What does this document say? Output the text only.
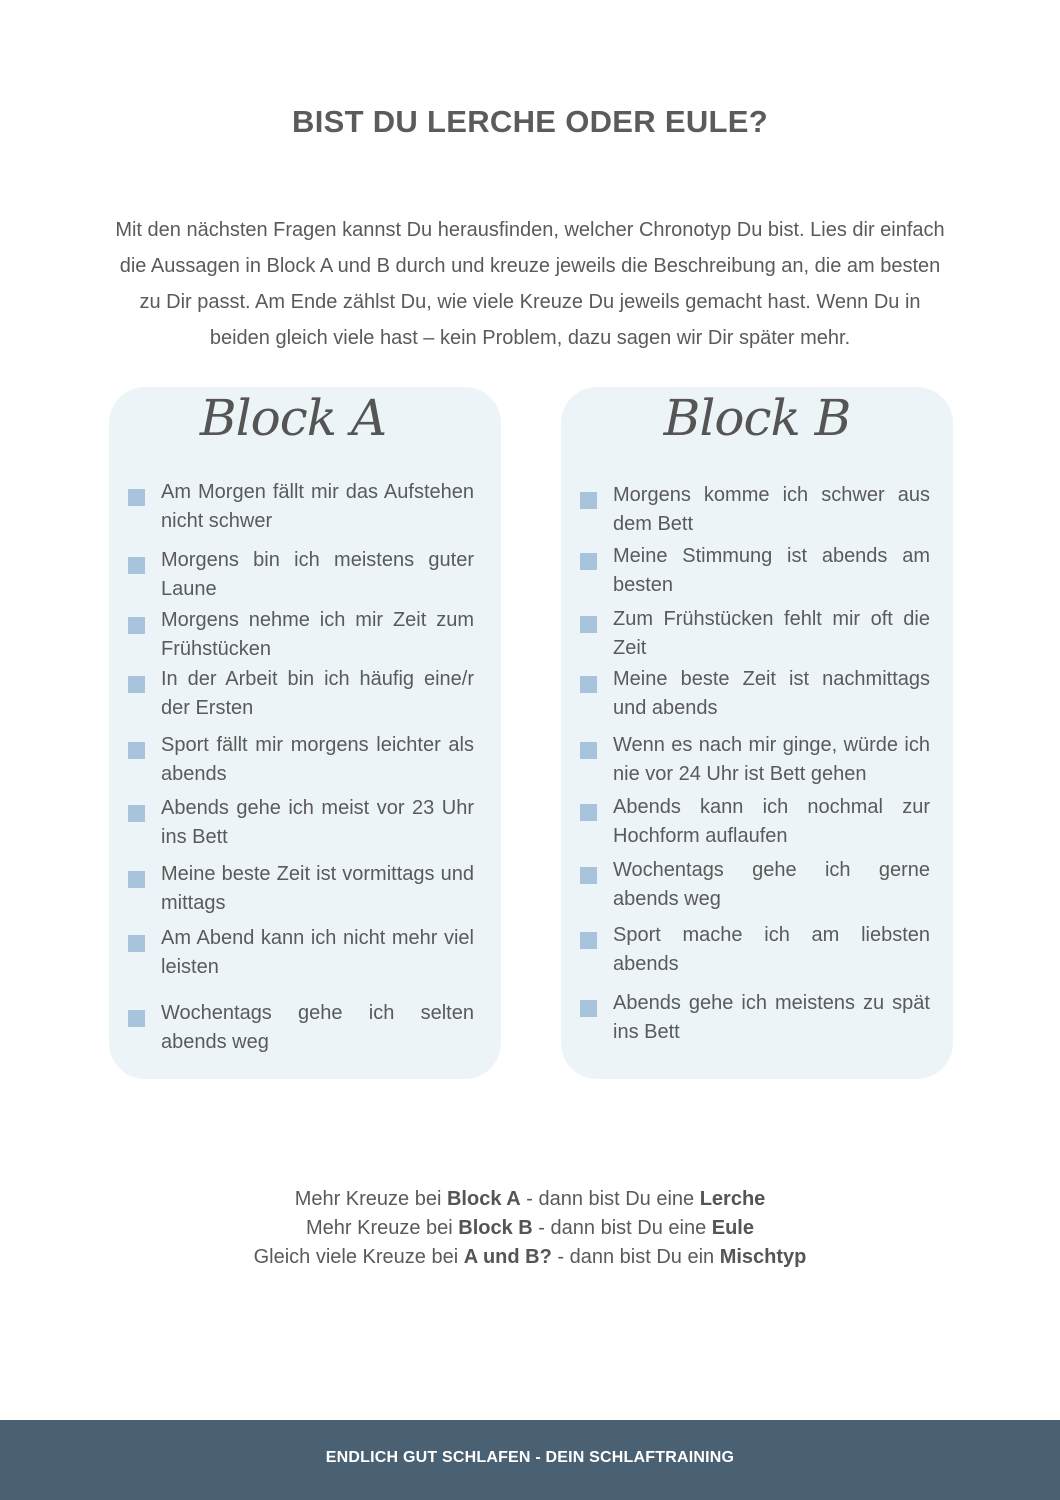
BIST DU LERCHE ODER EULE?

Mit den nächsten Fragen kannst Du herausfinden, welcher Chronotyp Du bist. Lies dir einfach die Aussagen in Block A und B durch und kreuze jeweils die Beschreibung an, die am besten zu Dir passt. Am Ende zählst Du, wie viele Kreuze Du jeweils gemacht hast. Wenn Du in beiden gleich viele hast – kein Problem, dazu sagen wir Dir später mehr.

Block A
Am Morgen fällt mir das Aufstehen nicht schwer
Morgens bin ich meistens guter Laune
Morgens nehme ich mir Zeit zum Frühstücken
In der Arbeit bin ich häufig eine/r der Ersten
Sport fällt mir morgens leichter als abends
Abends gehe ich meist vor 23 Uhr ins Bett
Meine beste Zeit ist vormittags und mittags
Am Abend kann ich nicht mehr viel leisten
Wochentags gehe ich selten abends weg
Block B
Morgens komme ich schwer aus dem Bett
Meine Stimmung ist abends am besten
Zum Frühstücken fehlt mir oft die Zeit
Meine beste Zeit ist nachmittags und abends
Wenn es nach mir ginge, würde ich nie vor 24 Uhr ist Bett gehen
Abends kann ich nochmal zur Hochform auflaufen
Wochentags gehe ich gerne abends weg
Sport mache ich am liebsten abends
Abends gehe ich meistens zu spät ins Bett
Mehr Kreuze bei Block A - dann bist Du eine Lerche
Mehr Kreuze bei Block B - dann bist Du eine Eule
Gleich viele Kreuze bei A und B? - dann bist Du ein Mischtyp
ENDLICH GUT SCHLAFEN - DEIN SCHLAFTRAINING
